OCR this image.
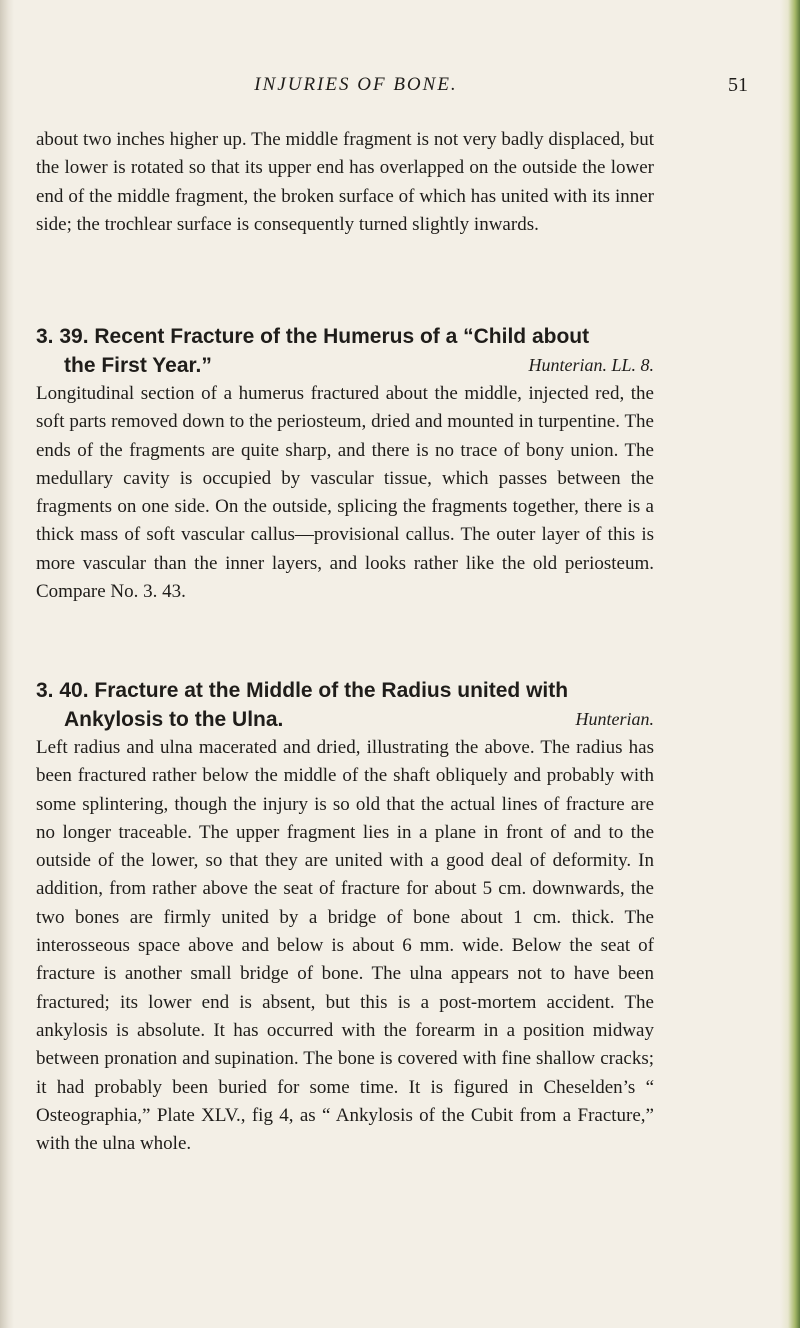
INJURIES OF BONE.	51

about two inches higher up. The middle fragment is not very badly displaced, but the lower is rotated so that its upper end has overlapped on the outside the lower end of the middle fragment, the broken surface of which has united with its inner side; the trochlear surface is consequently turned slightly inwards.

3. 39. Recent Fracture of the Humerus of a “Child about
the First Year.”	Hunterian. LL. 8.

Longitudinal section of a humerus fractured about the middle, injected red, the soft parts removed down to the periosteum, dried and mounted in turpentine. The ends of the fragments are quite sharp, and there is no trace of bony union. The medullary cavity is occupied by vascular tissue, which passes between the fragments on one side. On the outside, splicing the fragments together, there is a thick mass of soft vascular callus—provisional callus. The outer layer of this is more vascular than the inner layers, and looks rather like the old periosteum. Compare No. 3. 43.

3. 40. Fracture at the Middle of the Radius united with
Ankylosis to the Ulna.	Hunterian.

Left radius and ulna macerated and dried, illustrating the above. The radius has been fractured rather below the middle of the shaft obliquely and probably with some splintering, though the injury is so old that the actual lines of fracture are no longer traceable. The upper fragment lies in a plane in front of and to the outside of the lower, so that they are united with a good deal of deformity. In addition, from rather above the seat of fracture for about 5 cm. downwards, the two bones are firmly united by a bridge of bone about 1 cm. thick. The interosseous space above and below is about 6 mm. wide. Below the seat of fracture is another small bridge of bone. The ulna appears not to have been fractured; its lower end is absent, but this is a post-mortem accident. The ankylosis is absolute. It has occurred with the forearm in a position midway between pronation and supination. The bone is covered with fine shallow cracks; it had probably been buried for some time. It is figured in Cheselden’s “ Osteographia,” Plate XLV., fig 4, as “ Ankylosis of the Cubit from a Fracture,” with the ulna whole.
